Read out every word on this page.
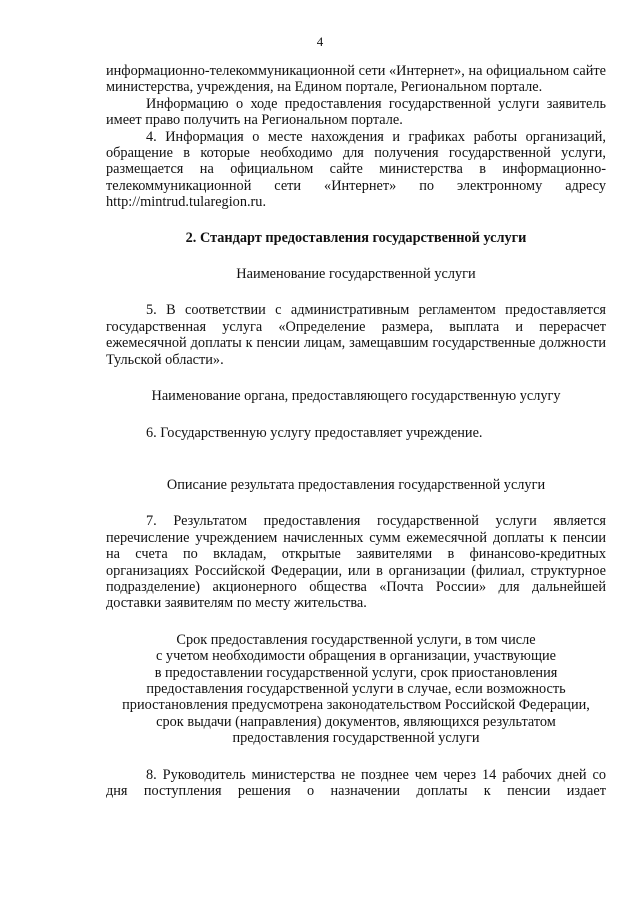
4

информационно-телекоммуникационной сети «Интернет», на официальном сайте министерства, учреждения, на Едином портале, Региональном портале.

Информацию о ходе предоставления государственной услуги заявитель имеет право получить на Региональном портале.

4. Информация о месте нахождения и графиках работы организаций, обращение в которые необходимо для получения государственной услуги, размещается на официальном сайте министерства в информационно-телекоммуникационной сети «Интернет» по электронному адресу http://mintrud.tularegion.ru.

2. Стандарт предоставления государственной услуги

Наименование государственной услуги

5. В соответствии с административным регламентом предоставляется государственная услуга «Определение размера, выплата и перерасчет ежемесячной доплаты к пенсии лицам, замещавшим государственные должности Тульской области».

Наименование органа, предоставляющего государственную услугу

6. Государственную услугу предоставляет учреждение.

Описание результата предоставления государственной услуги

7. Результатом предоставления государственной услуги является перечисление учреждением начисленных сумм ежемесячной доплаты к пенсии на счета по вкладам, открытые заявителями в финансово-кредитных организациях Российской Федерации, или в организации (филиал, структурное подразделение) акционерного общества «Почта России» для дальнейшей доставки заявителям по месту жительства.

Срок предоставления государственной услуги, в том числе
с учетом необходимости обращения в организации, участвующие
в предоставлении государственной услуги, срок приостановления
предоставления государственной услуги в случае, если возможность
приостановления предусмотрена законодательством Российской Федерации,
срок выдачи (направления) документов, являющихся результатом
предоставления государственной услуги

8. Руководитель министерства не позднее чем через 14 рабочих дней со дня поступления решения о назначении доплаты к пенсии издает
